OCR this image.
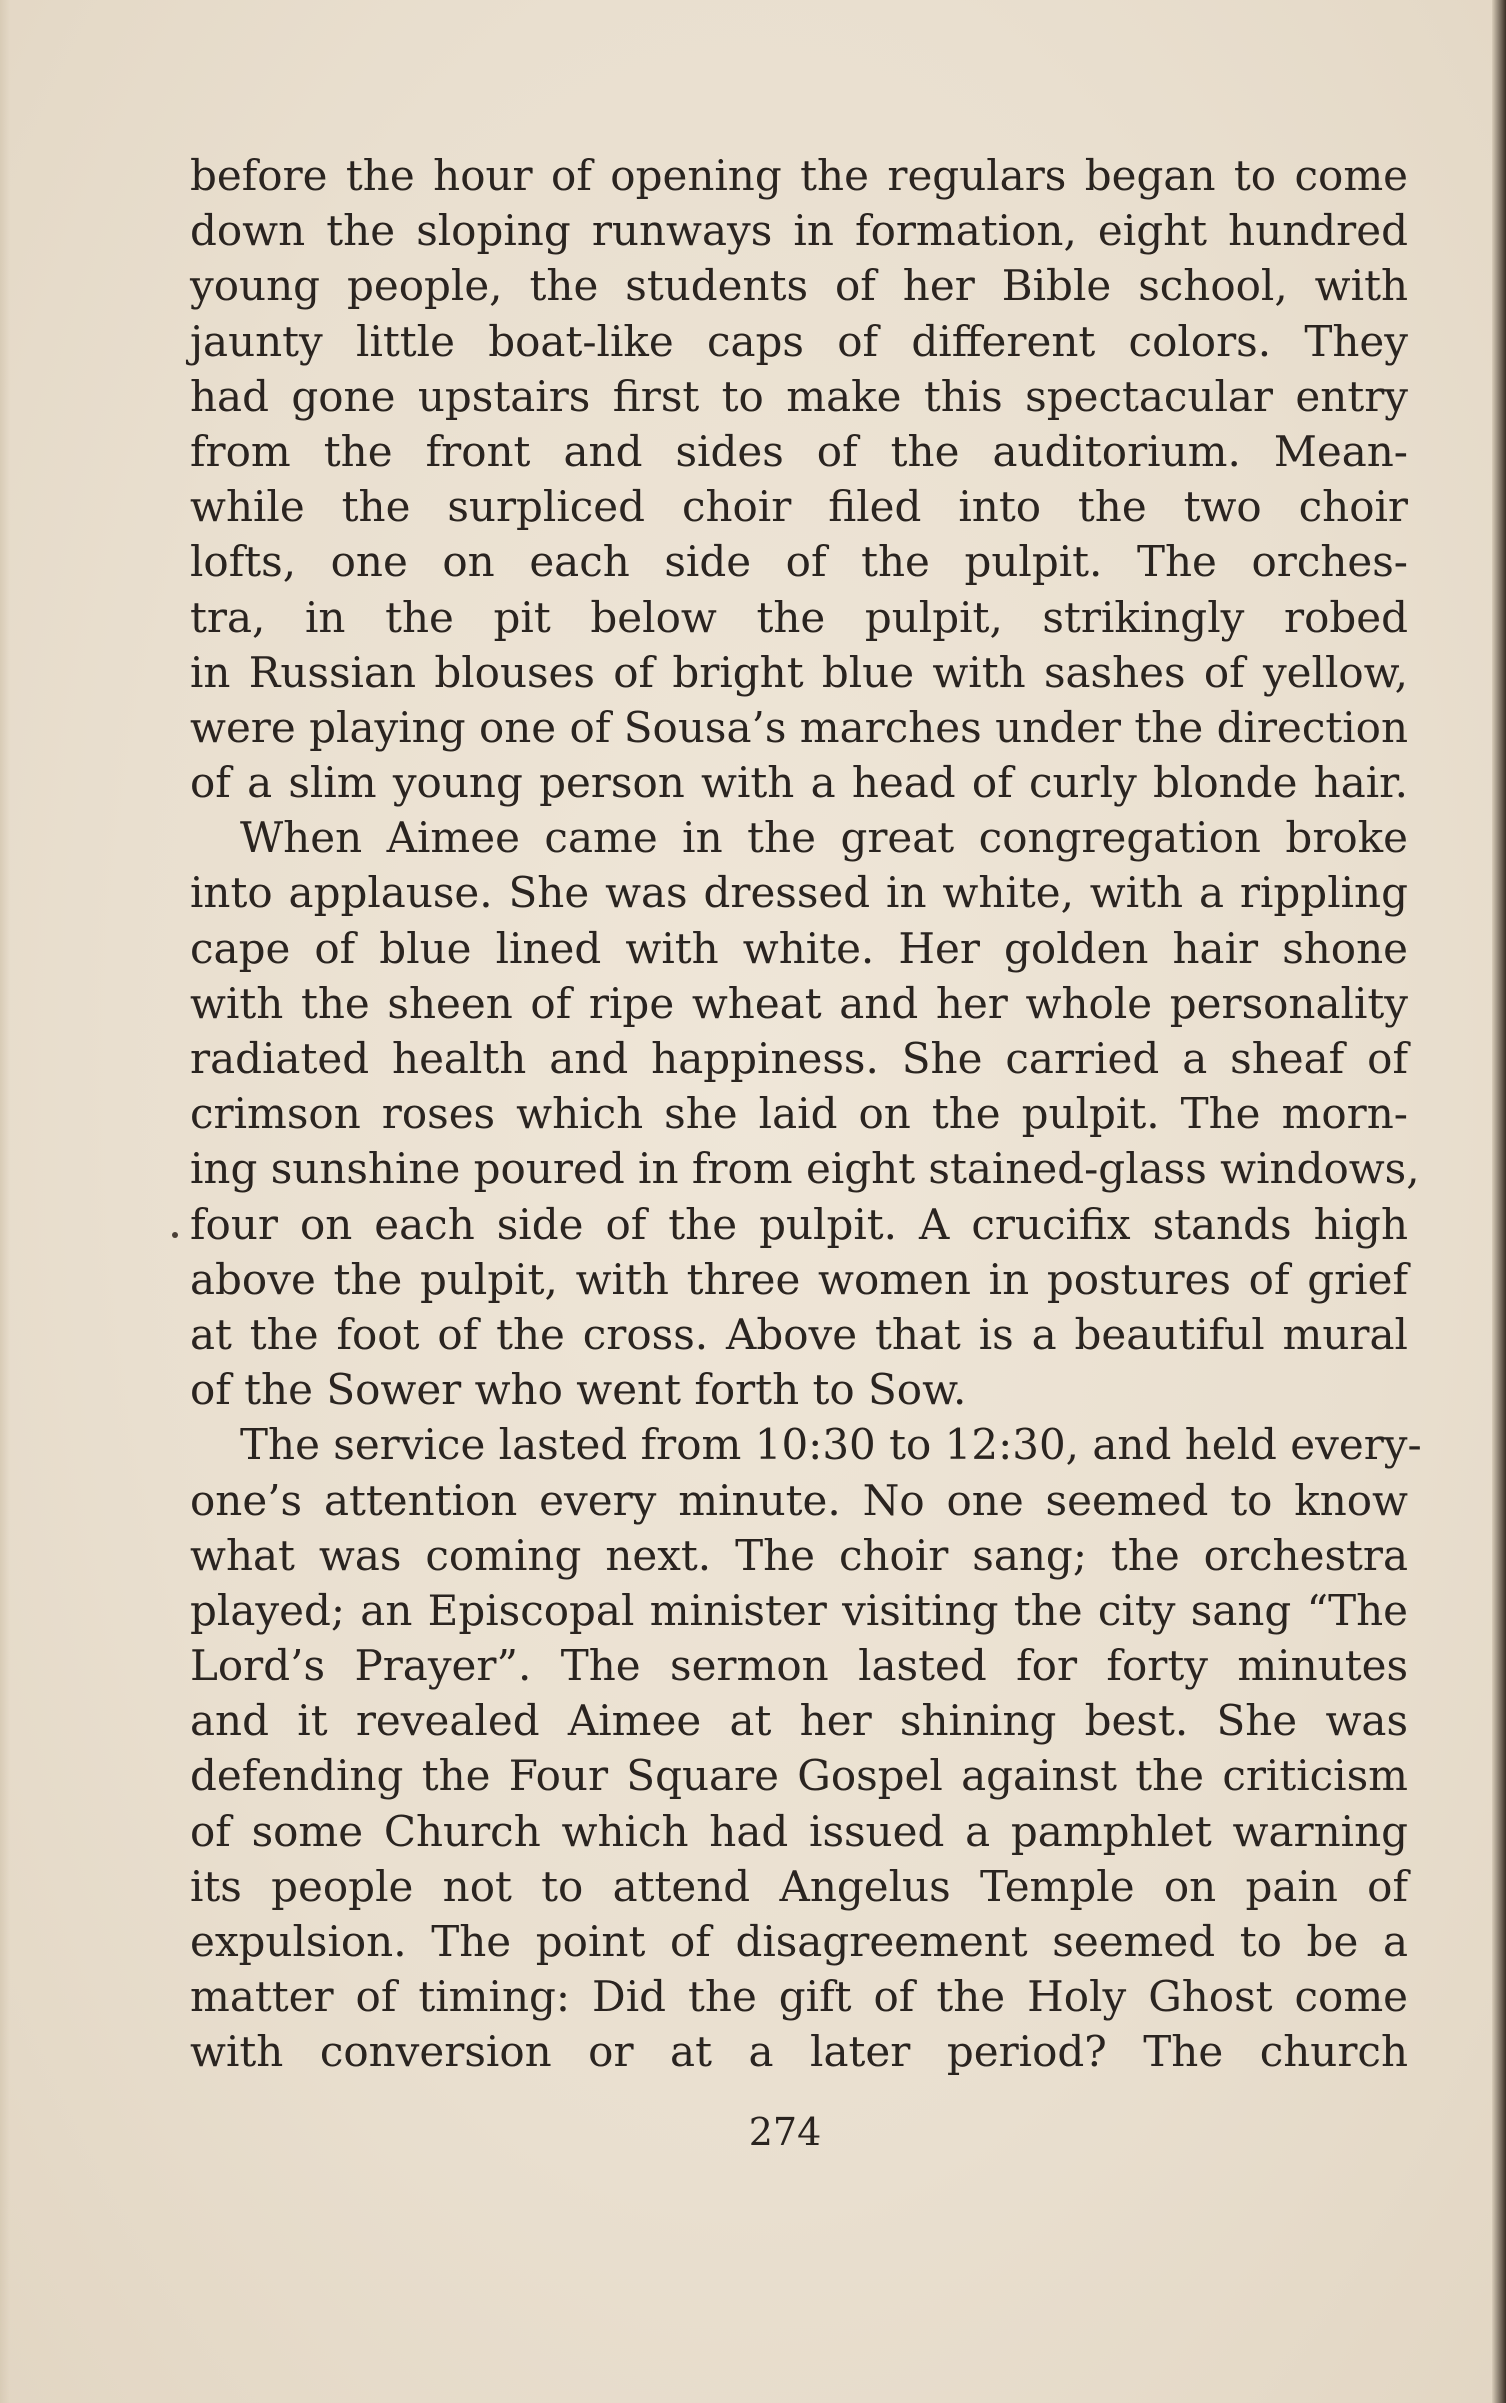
before the hour of opening the regulars began to come
down the sloping runways in formation, eight hundred
young people, the students of her Bible school, with
jaunty little boat-like caps of different colors. They
had gone upstairs first to make this spectacular entry
from the front and sides of the auditorium. Mean-
while the surpliced choir filed into the two choir
lofts, one on each side of the pulpit. The orches-
tra, in the pit below the pulpit, strikingly robed
in Russian blouses of bright blue with sashes of yellow,
were playing one of Sousa’s marches under the direction
of a slim young person with a head of curly blonde hair.
When Aimee came in the great congregation broke
into applause. She was dressed in white, with a rippling
cape of blue lined with white. Her golden hair shone
with the sheen of ripe wheat and her whole personality
radiated health and happiness. She carried a sheaf of
crimson roses which she laid on the pulpit. The morn-
ing sunshine poured in from eight stained-glass windows,
four on each side of the pulpit. A crucifix stands high
above the pulpit, with three women in postures of grief
at the foot of the cross. Above that is a beautiful mural
of the Sower who went forth to Sow.
The service lasted from 10:30 to 12:30, and held every-
one’s attention every minute. No one seemed to know
what was coming next. The choir sang; the orchestra
played; an Episcopal minister visiting the city sang “The
Lord’s Prayer”. The sermon lasted for forty minutes
and it revealed Aimee at her shining best. She was
defending the Four Square Gospel against the criticism
of some Church which had issued a pamphlet warning
its people not to attend Angelus Temple on pain of
expulsion. The point of disagreement seemed to be a
matter of timing: Did the gift of the Holy Ghost come
with conversion or at a later period? The church
274
